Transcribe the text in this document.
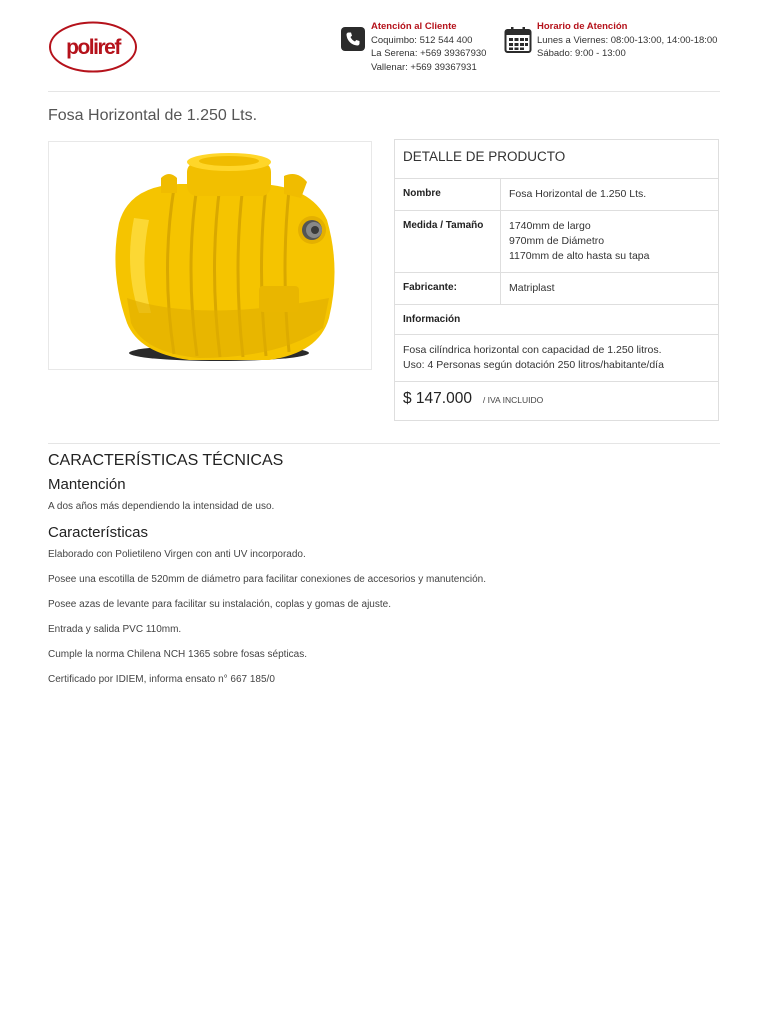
poliref
Atención al Cliente
Coquimbo: 512 544 400
La Serena: +569 39367930
Vallenar: +569 39367931
Horario de Atención
Lunes a Viernes: 08:00-13:00, 14:00-18:00
Sábado: 9:00 - 13:00
Fosa Horizontal de 1.250 Lts.
DETALLE DE PRODUCTO
Nombre	Fosa Horizontal de 1.250 Lts.
Medida / Tamaño	1740mm de largo
970mm de Diámetro
1170mm de alto hasta su tapa
Fabricante:	Matriplast
Información
Fosa cilíndrica horizontal con capacidad de 1.250 litros.
Uso: 4 Personas según dotación 250 litros/habitante/día
$ 147.000 / IVA INCLUIDO
CARACTERÍSTICAS TÉCNICAS
Mantención

A dos años más dependiendo la intensidad de uso.

Características

Elaborado con Polietileno Virgen con anti UV incorporado.

Posee una escotilla de 520mm de diámetro para facilitar conexiones de accesorios y manutención.

Posee azas de levante para facilitar su instalación, coplas y gomas de ajuste.

Entrada y salida PVC 110mm.

Cumple la norma Chilena NCH 1365 sobre fosas sépticas.

Certificado por IDIEM, informa ensato n° 667 185/0
